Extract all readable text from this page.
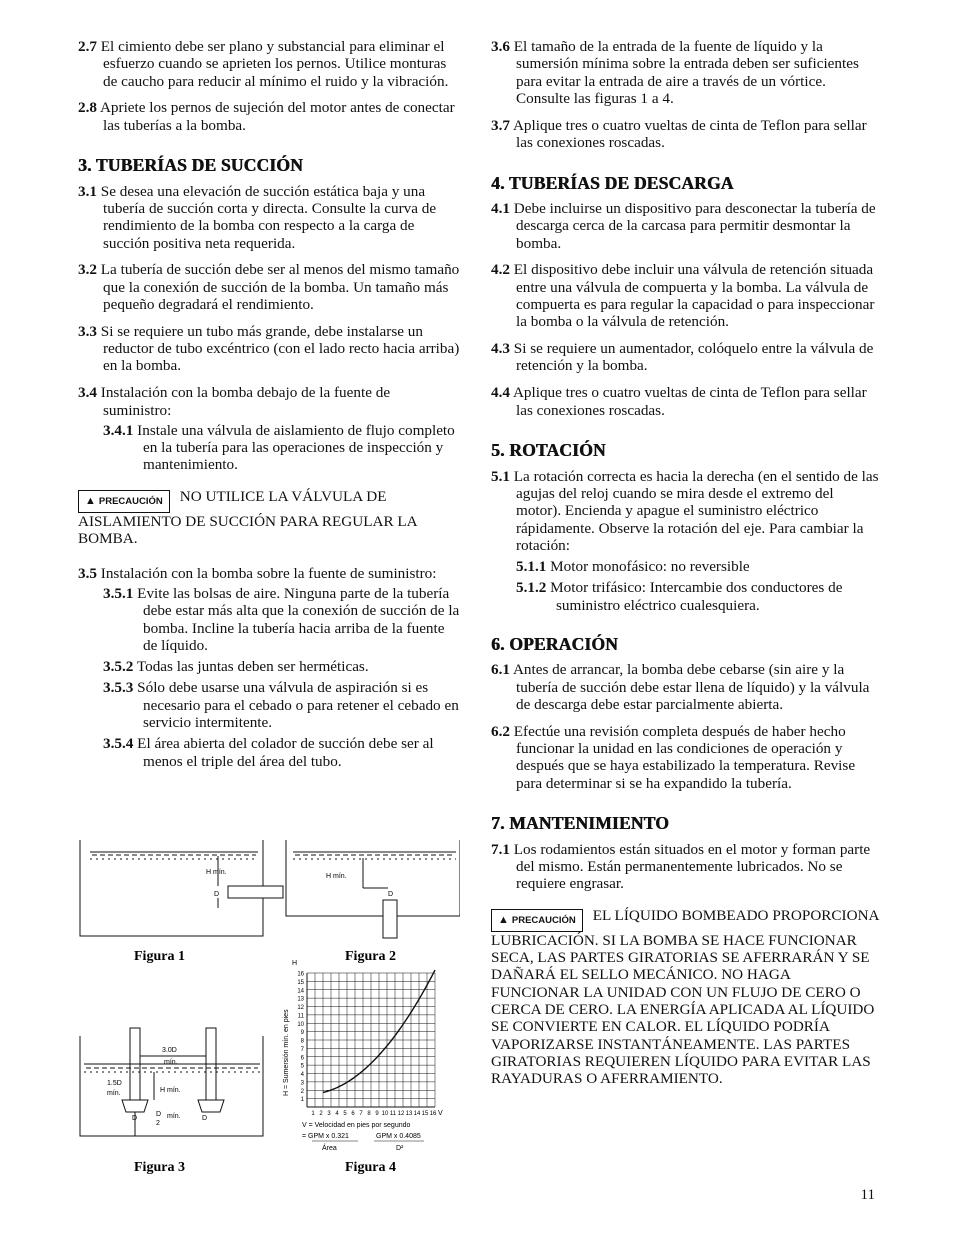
2.7 El cimiento debe ser plano y substancial para eliminar el esfuerzo cuando se aprieten los pernos. Utilice monturas de caucho para reducir al mínimo el ruido y la vibración.

2.8 Apriete los pernos de sujeción del motor antes de conectar las tuberías a la bomba.

3. TUBERÍAS DE SUCCIÓN

3.1 Se desea una elevación de succión estática baja y una tubería de succión corta y directa. Consulte la curva de rendimiento de la bomba con respecto a la carga de succión positiva neta requerida.

3.2 La tubería de succión debe ser al menos del mismo tamaño que la conexión de succión de la bomba. Un tamaño más pequeño degradará el rendimiento.

3.3 Si se requiere un tubo más grande, debe instalarse un reductor de tubo excéntrico (con el lado recto hacia arriba) en la bomba.

3.4 Instalación con la bomba debajo de la fuente de suministro:

3.4.1 Instale una válvula de aislamiento de flujo completo en la tubería para las operaciones de inspección y mantenimiento.

▲ PRECAUCIÓN NO UTILICE LA VÁLVULA DE AISLAMIENTO DE SUCCIÓN PARA REGULAR LA BOMBA.

3.5 Instalación con la bomba sobre la fuente de suministro:

3.5.1 Evite las bolsas de aire. Ninguna parte de la tubería debe estar más alta que la conexión de succión de la bomba. Incline la tubería hacia arriba de la fuente de líquido.

3.5.2 Todas las juntas deben ser herméticas.

3.5.3 Sólo debe usarse una válvula de aspiración si es necesario para el cebado o para retener el cebado en servicio intermitente.

3.5.4 El área abierta del colador de succión debe ser al menos el triple del área del tubo.

H mín.
D
H mín.
D
Figura 1	Figura 2
3.0D
mín.
1.5D
mín.	H mín.
D
D
2
mín.	D
1
2
3
4
5
6
7
8
9
10
11
12
13
14
15
16
1 2 3 4 5 6 7 8 9 10 11 12 13 14 15 16
H
V
H = Sumersión mín. en pies
V = Velocidad en pies por segundo
= GPM x 0.321	GPM x 0.4085
Área	D²
Figura 3	Figura 4

3.6 El tamaño de la entrada de la fuente de líquido y la sumersión mínima sobre la entrada deben ser suficientes para evitar la entrada de aire a través de un vórtice. Consulte las figuras 1 a 4.

3.7 Aplique tres o cuatro vueltas de cinta de Teflon para sellar las conexiones roscadas.

4. TUBERÍAS DE DESCARGA

4.1 Debe incluirse un dispositivo para desconectar la tubería de descarga cerca de la carcasa para permitir desmontar la bomba.

4.2 El dispositivo debe incluir una válvula de retención situada entre una válvula de compuerta y la bomba. La válvula de compuerta es para regular la capacidad o para inspeccionar la bomba o la válvula de retención.

4.3 Si se requiere un aumentador, colóquelo entre la válvula de retención y la bomba.

4.4 Aplique tres o cuatro vueltas de cinta de Teflon para sellar las conexiones roscadas.

5. ROTACIÓN

5.1 La rotación correcta es hacia la derecha (en el sentido de las agujas del reloj cuando se mira desde el extremo del motor). Encienda y apague el suministro eléctrico rápidamente. Observe la rotación del eje. Para cambiar la rotación:

5.1.1 Motor monofásico: no reversible

5.1.2 Motor trifásico: Intercambie dos conductores de suministro eléctrico cualesquiera.

6. OPERACIÓN

6.1 Antes de arrancar, la bomba debe cebarse (sin aire y la tubería de succión debe estar llena de líquido) y la válvula de descarga debe estar parcialmente abierta.

6.2 Efectúe una revisión completa después de haber hecho funcionar la unidad en las condiciones de operación y después que se haya estabilizado la temperatura. Revise para determinar si se ha expandido la tubería.

7. MANTENIMIENTO

7.1 Los rodamientos están situados en el motor y forman parte del mismo. Están permanentemente lubricados. No se requiere engrasar.

▲ PRECAUCIÓN EL LÍQUIDO BOMBEADO PROPORCIONA LUBRICACIÓN. SI LA BOMBA SE HACE FUNCIONAR SECA, LAS PARTES GIRATORIAS SE AFERRARÁN Y SE DAÑARÁ EL SELLO MECÁNICO. NO HAGA FUNCIONAR LA UNIDAD CON UN FLUJO DE CERO O CERCA DE CERO. LA ENERGÍA APLICADA AL LÍQUIDO SE CONVIERTE EN CALOR. EL LÍQUIDO PODRÍA VAPORIZARSE INSTANTÁNEAMENTE. LAS PARTES GIRATORIAS REQUIEREN LÍQUIDO PARA EVITAR LAS RAYADURAS O AFERRAMIENTO.
11
